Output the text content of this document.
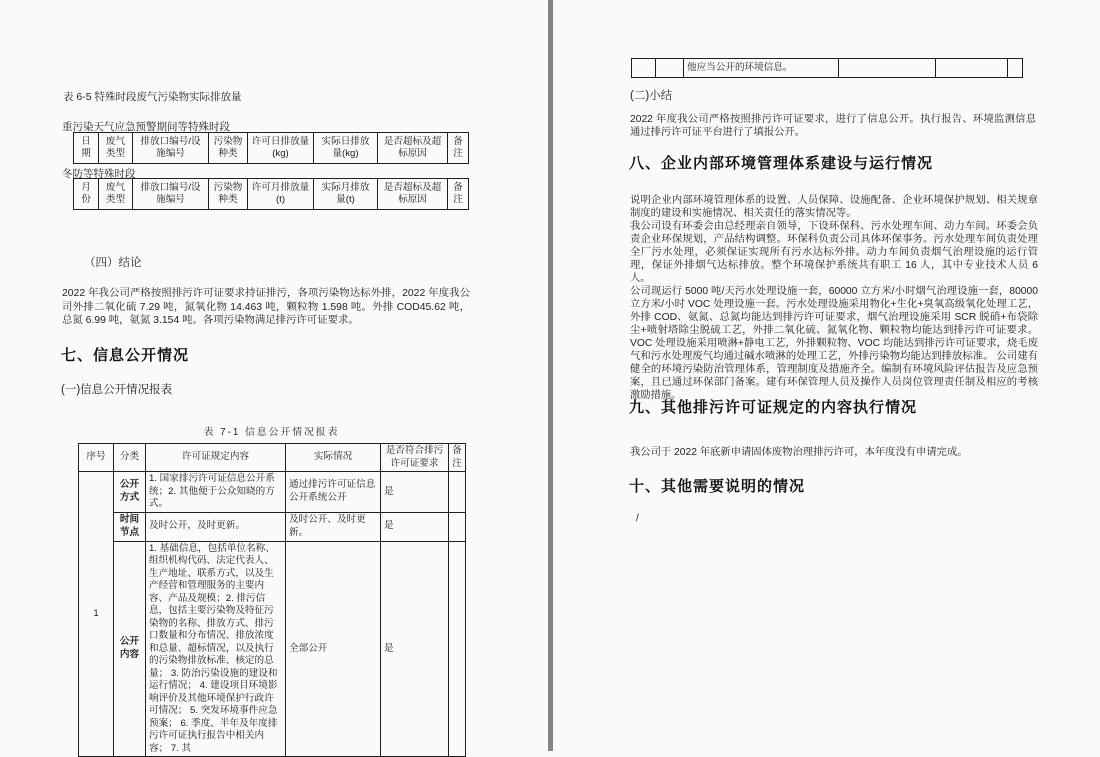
表 6-5 特殊时段废气污染物实际排放量
重污染天气应急预警期间等特殊时段
日期	废气类型	排放口编号/设施编号	污染物种类	许可日排放量(kg)	实际日排放量(kg)	是否超标及超标原因	备注
冬防等特殊时段
月份	废气类型	排放口编号/设施编号	污染物种类	许可月排放量(t)	实际月排放量(t)	是否超标及超标原因	备注
（四）结论
2022 年我公司严格按照排污许可证要求持证排污，各项污染物达标外排，2022 年度我公司外排二氧化硫 7.29 吨，氮氧化物 14.463 吨，颗粒物 1.598 吨。外排 COD45.62 吨，总氮 6.99 吨，氨氮 3.154 吨。各项污染物满足排污许可证要求。
七、信息公开情况
(一)信息公开情况报表
表 7-1 信息公开情况报表
序号	分类	许可证规定内容	实际情况	是否符合排污许可证要求	备注
1	公开方式	1. 国家排污许可证信息公开系统；2. 其他便于公众知晓的方式。	通过排污许可证信息公开系统公开	是	
	时间节点	及时公开，及时更新。	及时公开、及时更新。	是	
	公开内容	1. 基础信息，包括单位名称、组织机构代码、法定代表人、生产地址、联系方式，以及生产经营和管理服务的主要内容、产品及规模；2. 排污信息，包括主要污染物及特征污染物的名称、排放方式、排污口数量和分布情况、排放浓度和总量、超标情况，以及执行的污染物排放标准、核定的总量； 3. 防治污染设施的建设和运行情况； 4. 建设项目环境影响评价及其他环境保护行政许可情况； 5. 突发环境事件应急预案； 6. 季度、半年及年度排污许可证执行报告中相关内容； 7. 其	全部公开	是	
		他应当公开的环境信息。			
(二)小结
2022 年度我公司严格按照排污许可证要求，进行了信息公开。执行报告、环境监测信息通过排污许可证平台进行了填报公开。
八、企业内部环境管理体系建设与运行情况

说明企业内部环境管理体系的设置、人员保障、设施配备、企业环境保护规划、相关规章制度的建设和实施情况、相关责任的落实情况等。

我公司设有环委会由总经理亲自领导，下设环保科、污水处理车间、动力车间。环委会负责企业环保规划，产品结构调整。环保科负责公司具体环保事务。污水处理车间负责处理全厂污水处理，必须保证实现所有污水达标外排。动力车间负责烟气治理设施的运行管理，保证外排烟气达标排放。整个环境保护系统共有职工 16 人，其中专业技术人员 6 人。

公司现运行 5000 吨/天污水处理设施一套，60000 立方米/小时烟气治理设施一套，80000 立方米/小时 VOC 处理设施一套。污水处理设施采用物化+生化+臭氧高级氧化处理工艺，外排 COD、氨氮、总氮均能达到排污许可证要求，烟气治理设施采用 SCR 脱硝+布袋除尘+喷射塔除尘脱硫工艺，外排二氧化硫、氮氧化物、颗粒物均能达到排污许可证要求。VOC 处理设施采用喷淋+静电工艺，外排颗粒物、VOC 均能达到排污许可证要求，烧毛废气和污水处理废气均通过碱水喷淋的处理工艺，外排污染物均能达到排放标准。 公司建有健全的环境污染防治管理体系，管理制度及措施齐全。编制有环境风险评估报告及应急预案，且已通过环保部门备案。建有环保管理人员及操作人员岗位管理责任制及相应的考核激励措施。

九、其他排污许可证规定的内容执行情况
我公司于 2022 年底新申请固体废物治理排污许可，本年度没有申请完成。
十、其他需要说明的情况
/
